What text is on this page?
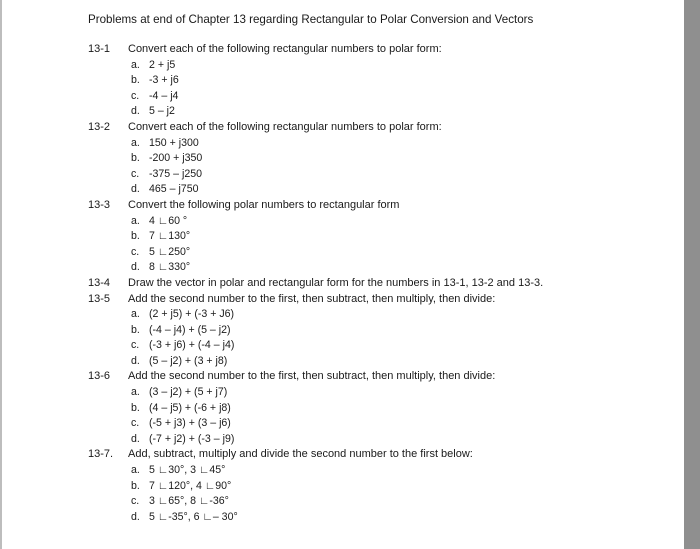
Problems at end of Chapter 13 regarding Rectangular to Polar Conversion and Vectors
13-1 Convert each of the following rectangular numbers to polar form:
a. 2 + j5
b. -3 + j6
c. -4 – j4
d. 5 – j2
13-2 Convert each of the following rectangular numbers to polar form:
a. 150 + j300
b. -200 + j350
c. -375 – j250
d. 465 – j750
13-3 Convert the following polar numbers to rectangular form
a. 4 ∟60 °
b. 7 ∟130°
c. 5 ∟250°
d. 8 ∟330°
13-4 Draw the vector in polar and rectangular form for the numbers in 13-1, 13-2 and 13-3.
13-5 Add the second number to the first, then subtract, then multiply, then divide:
a. (2 + j5) + (-3 + J6)
b. (-4 – j4) + (5 – j2)
c. (-3 + j6) + (-4 – j4)
d. (5 – j2) + (3 + j8)
13-6 Add the second number to the first, then subtract, then multiply, then divide:
a. (3 – j2) + (5 + j7)
b. (4 – j5) + (-6 + j8)
c. (-5 + j3) + (3 – j6)
d. (-7 + j2) + (-3 – j9)
13-7. Add, subtract, multiply and divide the second number to the first below:
a. 5 ∟30°, 3 ∟45°
b. 7 ∟120°, 4 ∟90°
c. 3 ∟65°, 8 ∟-36°
d. 5 ∟-35°, 6 ∟– 30°
